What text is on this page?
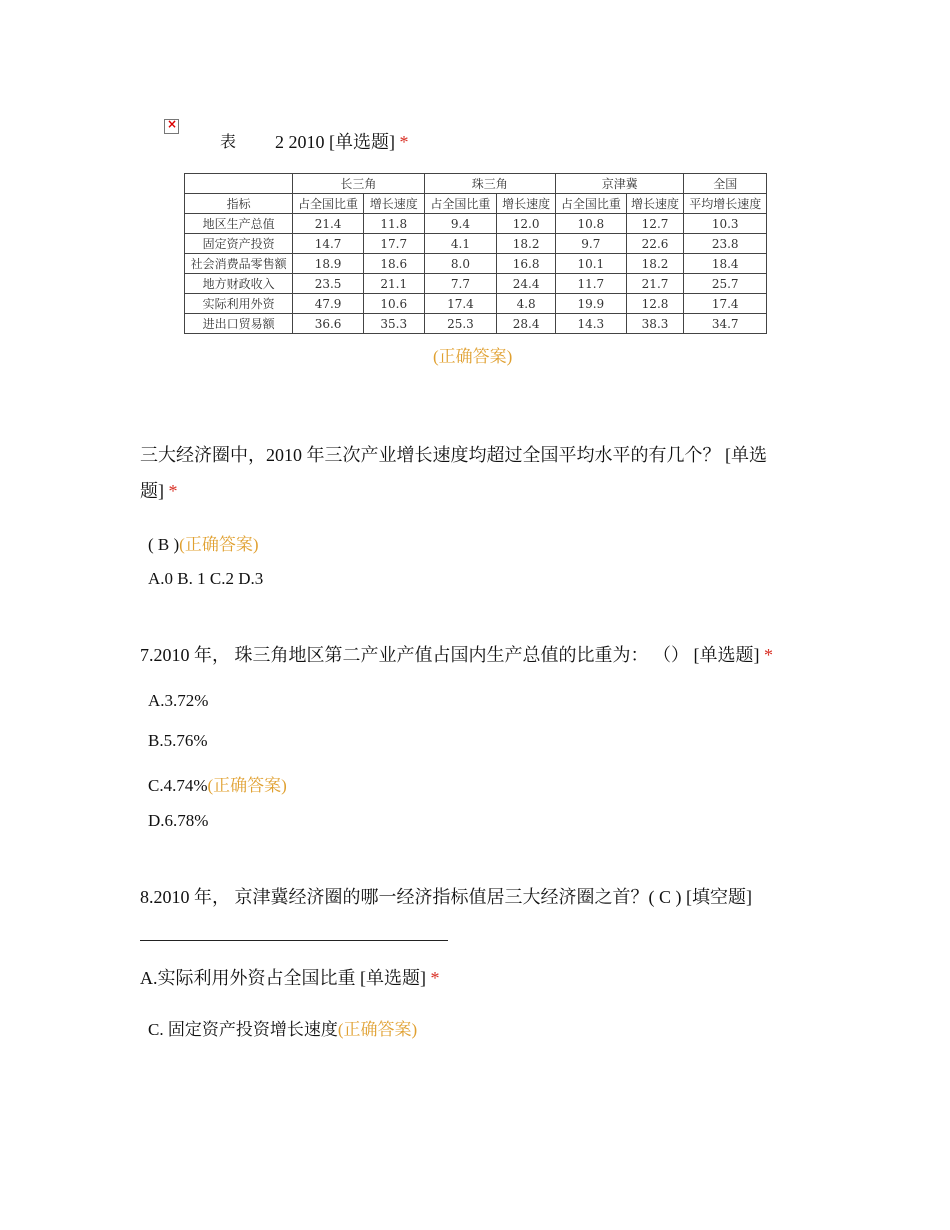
×
表 2 2010 [单选题] *
	长三角		珠三角		京津冀		全国
指标	占全国比重	增长速度	占全国比重	增长速度	占全国比重	增长速度	平均增长速度
地区生产总值	21.4	11.8	9.4	12.0	10.8	12.7	10.3
固定资产投资	14.7	17.7	4.1	18.2	9.7	22.6	23.8
社会消费品零售额	18.9	18.6	8.0	16.8	10.1	18.2	18.4
地方财政收入	23.5	21.1	7.7	24.4	11.7	21.7	25.7
实际利用外资	47.9	10.6	17.4	4.8	19.9	12.8	17.4
进出口贸易额	36.6	35.3	25.3	28.4	14.3	38.3	34.7
(正确答案)
三大经济圈中，2010 年三次产业增长速度均超过全国平均水平的有几个？ [单选
题] *
( B )(正确答案)
A.0 B. 1 C.2 D.3
7.2010 年， 珠三角地区第二产业产值占国内生产总值的比重为： （） [单选题] *
A.3.72%
B.5.76%
C.4.74%(正确答案)
D.6.78%
8.2010 年， 京津冀经济圈的哪一经济指标值居三大经济圈之首？( C ) [填空题]
A.实际利用外资占全国比重 [单选题] *
C. 固定资产投资增长速度(正确答案)
